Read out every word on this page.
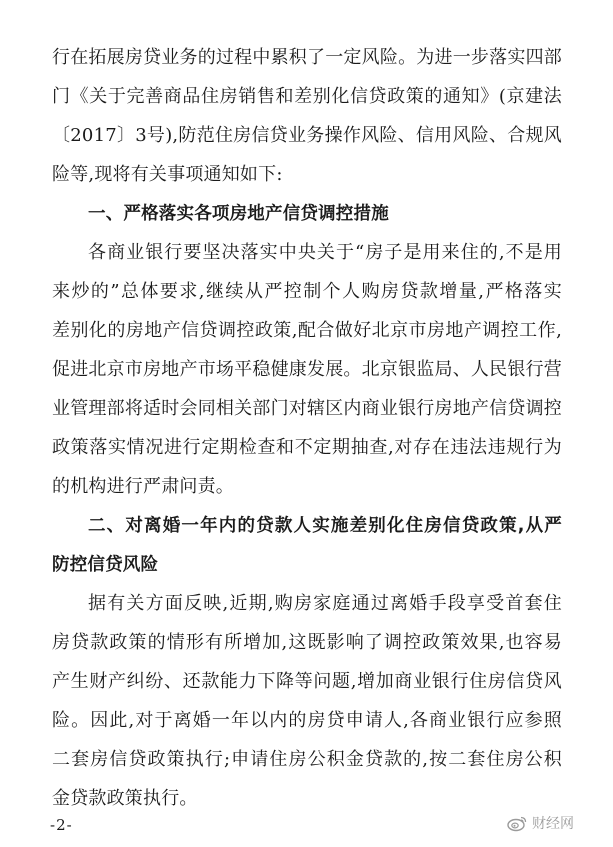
行在拓展房贷业务的过程中累积了一定风险。为进一步落实四部
门《关于完善商品住房销售和差别化信贷政策的通知》(京建法
〔2017〕3号),防范住房信贷业务操作风险、信用风险、合规风
险等,现将有关事项通知如下:
一、严格落实各项房地产信贷调控措施
各商业银行要坚决落实中央关于“房子是用来住的,不是用
来炒的”总体要求,继续从严控制个人购房贷款增量,严格落实
差别化的房地产信贷调控政策,配合做好北京市房地产调控工作,
促进北京市房地产市场平稳健康发展。北京银监局、人民银行营
业管理部将适时会同相关部门对辖区内商业银行房地产信贷调控
政策落实情况进行定期检查和不定期抽查,对存在违法违规行为
的机构进行严肃问责。
二、对离婚一年内的贷款人实施差别化住房信贷政策,从严
防控信贷风险
据有关方面反映,近期,购房家庭通过离婚手段享受首套住
房贷款政策的情形有所增加,这既影响了调控政策效果,也容易
产生财产纠纷、还款能力下降等问题,增加商业银行住房信贷风
险。因此,对于离婚一年以内的房贷申请人,各商业银行应参照
二套房信贷政策执行;申请住房公积金贷款的,按二套住房公积
金贷款政策执行。
-2-	财经网
